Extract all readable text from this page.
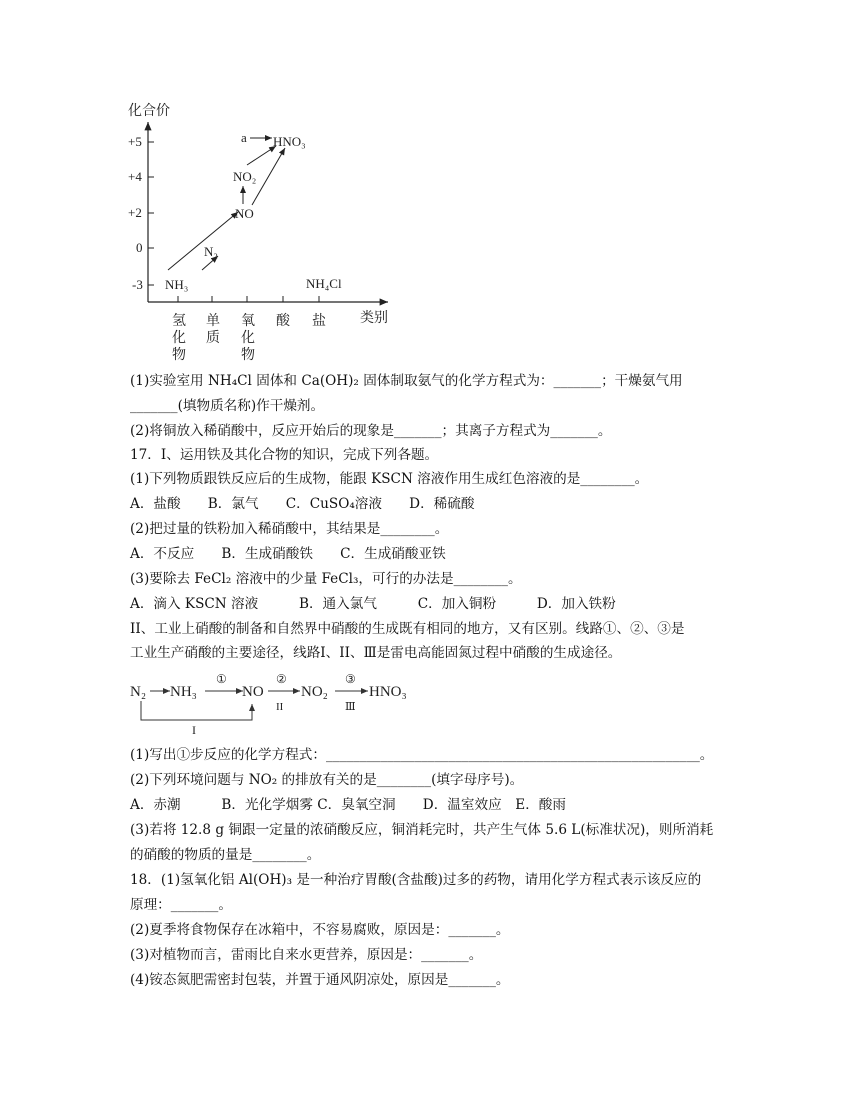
化合价
+5
+4
+2
0
-3 NH₃
N₂
NO
NO₂
HNO₃
a
NH₄Cl
氢化物
单质
氧化物
酸 盐 类别
(1)实验室用 NH₄Cl 固体和 Ca(OH)₂ 固体制取氨气的化学方程式为：_______；干燥氨气用
_______(填物质名称)作干燥剂。
(2)将铜放入稀硝酸中，反应开始后的现象是_______；其离子方程式为_______。
17．I、运用铁及其化合物的知识，完成下列各题。
(1)下列物质跟铁反应后的生成物，能跟 KSCN 溶液作用生成红色溶液的是________。
A．盐酸　　B．氯气　　C．CuSO₄溶液　　D．稀硫酸
(2)把过量的铁粉加入稀硝酸中，其结果是________。
A．不反应　　B．生成硝酸铁　　C．生成硝酸亚铁
(3)要除去 FeCl₂ 溶液中的少量 FeCl₃，可行的办法是________。
A．滴入 KSCN 溶液　　　B．通入氯气　　　C．加入铜粉　　　D．加入铁粉
II、工业上硝酸的制备和自然界中硝酸的生成既有相同的地方，又有区别。线路①、②、③是
工业生产硝酸的主要途径，线路I、II、Ⅲ是雷电高能固氮过程中硝酸的生成途径。
N₂ NH₃
①
NO
②
II
NO₂
③
Ⅲ
HNO₃
I
(1)写出①步反应的化学方程式：_______________________________________________________。
(2)下列环境问题与 NO₂ 的排放有关的是________(填字母序号)。
A．赤潮　　　B．光化学烟雾 C．臭氧空洞　　D．温室效应　E．酸雨
(3)若将 12.8 g 铜跟一定量的浓硝酸反应，铜消耗完时，共产生气体 5.6 L(标准状况)，则所消耗
的硝酸的物质的量是________。
18．(1)氢氧化铝 Al(OH)₃ 是一种治疗胃酸(含盐酸)过多的药物，请用化学方程式表示该反应的
原理：_______。
(2)夏季将食物保存在冰箱中，不容易腐败，原因是：_______。
(3)对植物而言，雷雨比自来水更营养，原因是：_______。
(4)铵态氮肥需密封包装，并置于通风阴凉处，原因是_______。
